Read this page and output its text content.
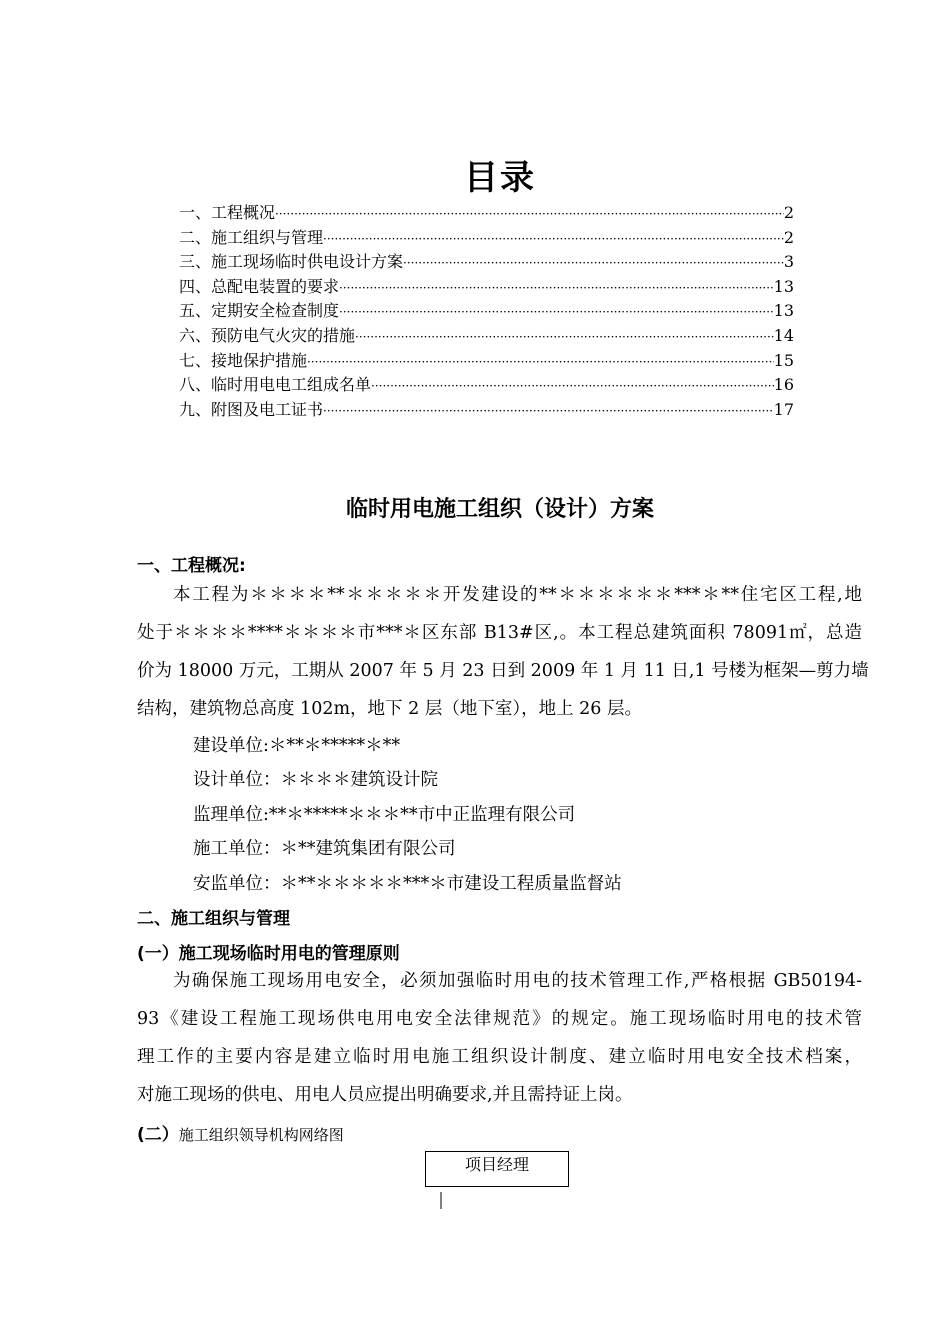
目录
一、工程概况 ·····	2
二、施工组织与管理 ·····	2
三、施工现场临时供电设计方案 ·····	3
四、总配电装置的要求 ·····	13
五、定期安全检查制度 ·····	13
六、预防电气火灾的措施 ·····	14
七、接地保护措施 ·····	15
八、临时用电电工组成名单 ·····	16
九、附图及电工证书 ·····	17
临时用电施工组织（设计）方案
一、工程概况:
本工程为＊＊＊＊**＊＊＊＊＊开发建设的**＊＊＊＊＊＊***＊**住宅区工程,地
处于＊＊＊＊****＊＊＊＊市***＊区东部 B13#区,。本工程总建筑面积 78091㎡，总造
价为 18000 万元，工期从 2007 年 5 月 23 日到 2009 年 1 月 11 日,1 号楼为框架—剪力墙
结构，建筑物总高度 102m，地下 2 层（地下室），地上 26 层。
建设单位:＊**＊*****＊**
设计单位：＊＊＊＊建筑设计院
监理单位:**＊*****＊＊＊**市中正监理有限公司
施工单位：＊**建筑集团有限公司
安监单位：＊**＊＊＊＊＊***＊市建设工程质量监督站
二、施工组织与管理
(一）施工现场临时用电的管理原则
为确保施工现场用电安全，必须加强临时用电的技术管理工作,严格根据 GB50194-
93《建设工程施工现场供电用电安全法律规范》的规定。施工现场临时用电的技术管
理工作的主要内容是建立临时用电施工组织设计制度、建立临时用电安全技术档案，
对施工现场的供电、用电人员应提出明确要求,并且需持证上岗。
(二）施工组织领导机构网络图
项目经理
